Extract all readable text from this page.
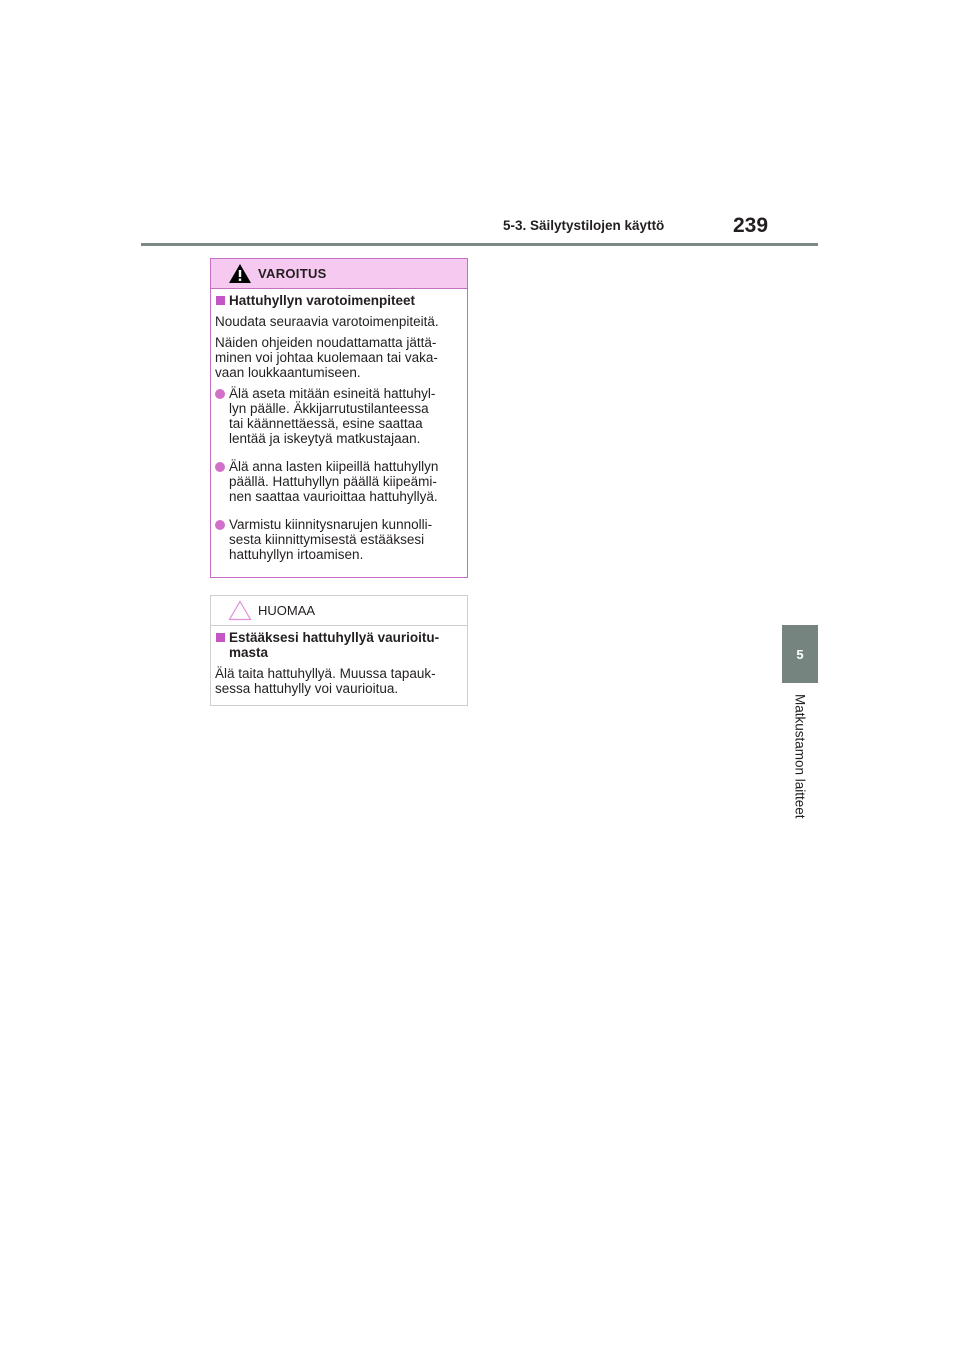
5-3. Säilytystilojen käyttö	239
5
Matkustamon laitteet
VAROITUS
Hattuhyllyn varotoimenpiteet

Noudata seuraavia varotoimenpiteitä.

Näiden ohjeiden noudattamatta jättä-
minen voi johtaa kuolemaan tai vaka-
vaan loukkaantumiseen.

Älä aseta mitään esineitä hattuhyl-
lyn päälle. Äkkijarrutustilanteessa
tai käännettäessä, esine saattaa
lentää ja iskeytyä matkustajaan.
Älä anna lasten kiipeillä hattuhyllyn
päällä. Hattuhyllyn päällä kiipeämi-
nen saattaa vaurioittaa hattuhyllyä.
Varmistu kiinnitysnarujen kunnolli-
sesta kiinnittymisestä estääksesi
hattuhyllyn irtoamisen.
HUOMAA
Estääksesi hattuhyllyä vaurioitu-
masta

Älä taita hattuhyllyä. Muussa tapauk-
sessa hattuhylly voi vaurioitua.
